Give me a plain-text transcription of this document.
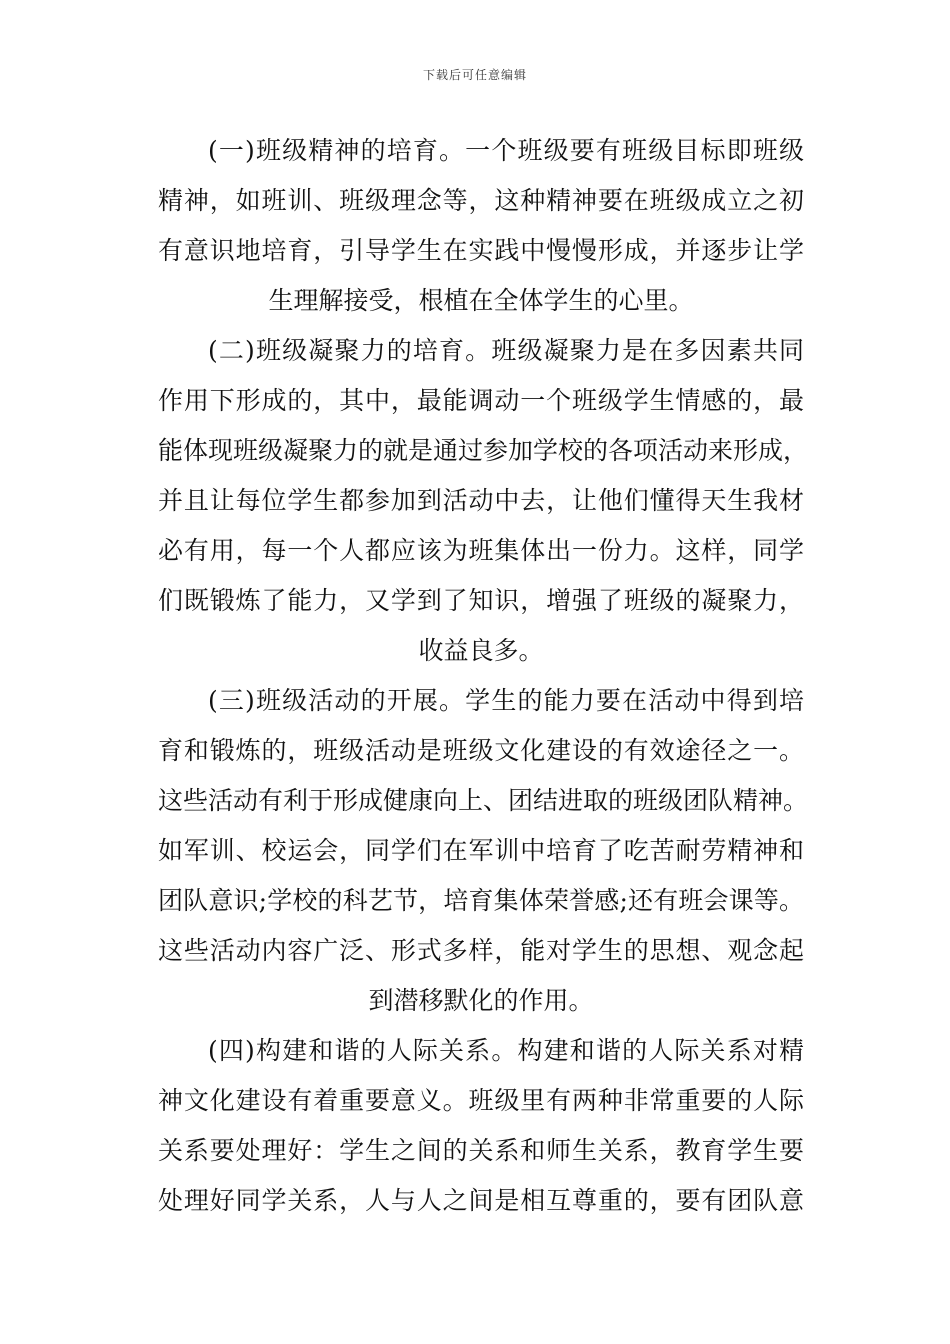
下载后可任意编辑
(一)班级精神的培育。一个班级要有班级目标即班级
精神，如班训、班级理念等，这种精神要在班级成立之初
有意识地培育，引导学生在实践中慢慢形成，并逐步让学
生理解接受，根植在全体学生的心里。
(二)班级凝聚力的培育。班级凝聚力是在多因素共同
作用下形成的，其中，最能调动一个班级学生情感的，最
能体现班级凝聚力的就是通过参加学校的各项活动来形成，
并且让每位学生都参加到活动中去，让他们懂得天生我材
必有用，每一个人都应该为班集体出一份力。这样，同学
们既锻炼了能力，又学到了知识，增强了班级的凝聚力，
收益良多。
(三)班级活动的开展。学生的能力要在活动中得到培
育和锻炼的，班级活动是班级文化建设的有效途径之一。
这些活动有利于形成健康向上、团结进取的班级团队精神。
如军训、校运会，同学们在军训中培育了吃苦耐劳精神和
团队意识;学校的科艺节，培育集体荣誉感;还有班会课等。
这些活动内容广泛、形式多样，能对学生的思想、观念起
到潜移默化的作用。
(四)构建和谐的人际关系。构建和谐的人际关系对精
神文化建设有着重要意义。班级里有两种非常重要的人际
关系要处理好：学生之间的关系和师生关系，教育学生要
处理好同学关系，人与人之间是相互尊重的，要有团队意
